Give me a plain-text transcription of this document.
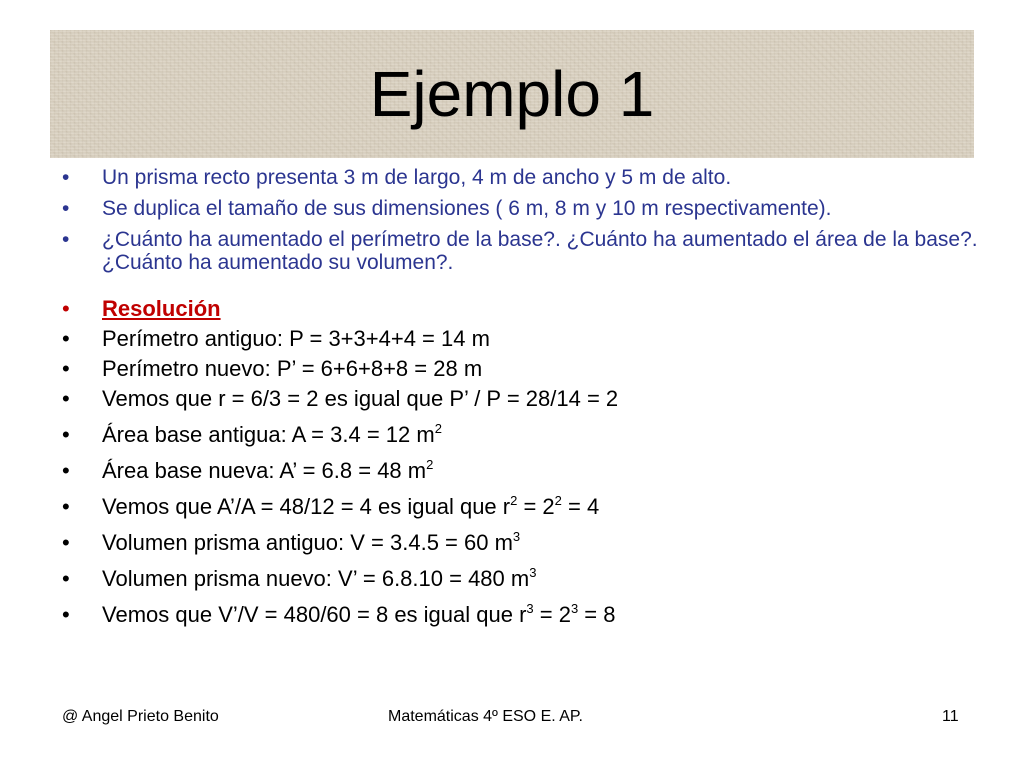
Ejemplo 1
•	Un prisma recto presenta 3 m de largo, 4 m de ancho y 5 m de alto.
•	Se duplica el tamaño de sus dimensiones ( 6 m, 8 m y 10 m respectivamente).
•	¿Cuánto ha aumentado el perímetro de la base?. ¿Cuánto ha aumentado el área de la base?. ¿Cuánto ha aumentado su volumen?.
•	Resolución
•	Perímetro antiguo: P = 3+3+4+4 = 14 m
•	Perímetro nuevo: P’ = 6+6+8+8 = 28 m
•	Vemos que r = 6/3 = 2 es igual que P’ / P = 28/14 = 2
•	Área base antigua: A = 3.4 = 12 $m^2$
•	Área base nueva: A’ = 6.8 = 48 $m^2$
•	Vemos que A’/A = 48/12 = 4 es igual que $r^2 = 2^2 = 4$
•	Volumen prisma antiguo: V = 3.4.5 = 60 $m^3$
•	Volumen prisma nuevo: V’ = 6.8.10 = 480 $m^3$
•	Vemos que V’/V = 480/60 = 8 es igual que $r^3 = 2^3 = 8$
@ Angel Prieto Benito	Matemáticas 4º ESO E. AP.	11
